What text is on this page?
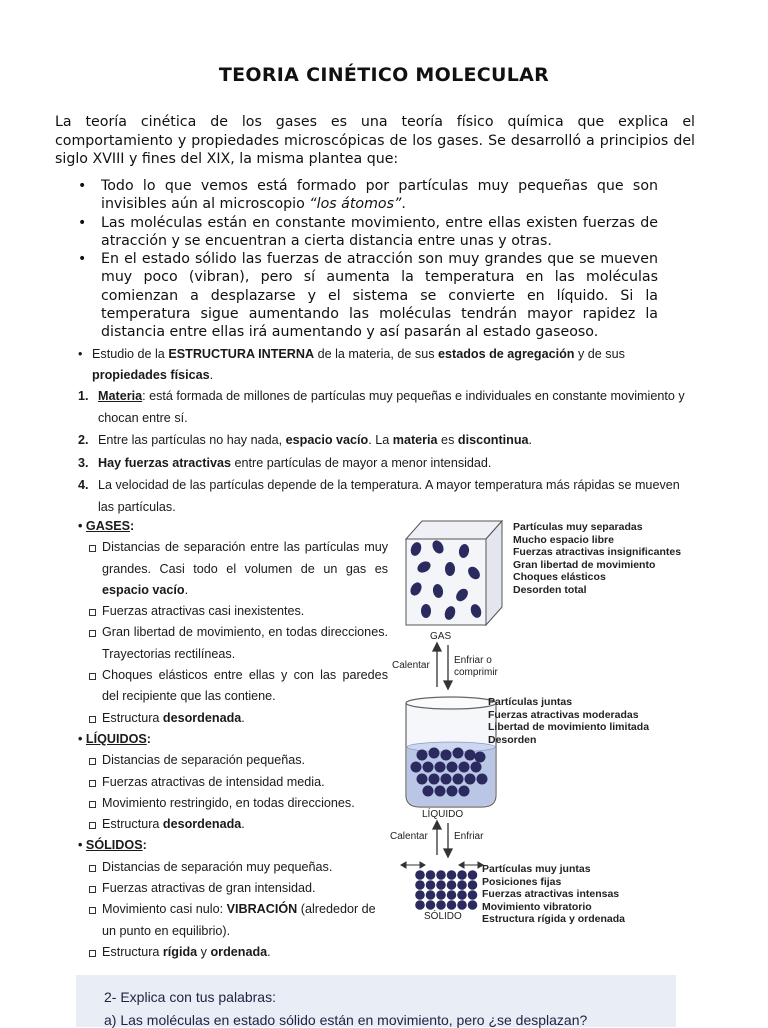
TEORIA CINÉTICO MOLECULAR
La teoría cinética de los gases es una teoría físico química que explica el comportamiento y propiedades microscópicas de los gases. Se desarrolló a principios del siglo XVIII y fines del XIX, la misma plantea que:
• Todo lo que vemos está formado por partículas muy pequeñas que son invisibles aún al microscopio “los átomos”.
• Las moléculas están en constante movimiento, entre ellas existen fuerzas de atracción y se encuentran a cierta distancia entre unas y otras.
• En el estado sólido las fuerzas de atracción son muy grandes que se mueven muy poco (vibran), pero sí aumenta la temperatura en las moléculas comienzan a desplazarse y el sistema se convierte en líquido. Si la temperatura sigue aumentando las moléculas tendrán mayor rapidez la distancia entre ellas irá aumentando y así pasarán al estado gaseoso.
• Estudio de la ESTRUCTURA INTERNA de la materia, de sus estados de agregación y de sus
propiedades físicas.
1. Materia: está formada de millones de partículas muy pequeñas e individuales en constante movimiento y chocan entre sí.
2. Entre las partículas no hay nada, espacio vacío. La materia es discontinua.
3. Hay fuerzas atractivas entre partículas de mayor a menor intensidad.
4. La velocidad de las partículas depende de la temperatura. A mayor temperatura más rápidas se mueven las partículas.
• GASES:
Distancias de separación entre las partículas muy grandes. Casi todo el volumen de un gas es espacio vacío.
Fuerzas atractivas casi inexistentes.
Gran libertad de movimiento, en todas direcciones. Trayectorias rectilíneas.
Choques elásticos entre ellas y con las paredes del recipiente que las contiene.
Estructura desordenada.
• LÍQUIDOS:
Distancias de separación pequeñas.
Fuerzas atractivas de intensidad media.
Movimiento restringido, en todas direcciones.
Estructura desordenada.
• SÓLIDOS:
Distancias de separación muy pequeñas.
Fuerzas atractivas de gran intensidad.
Movimiento casi nulo: VIBRACIÓN (alrededor de un punto en equilibrio).
Estructura rígida y ordenada.
Partículas muy separadas
Mucho espacio libre
Fuerzas atractivas insignificantes
Gran libertad de movimiento
Choques elásticos
Desorden total
GAS
Calentar Enfriar o
comprimir
Partículas juntas
Fuerzas atractivas moderadas
Libertad de movimiento limitada
Desorden
LÍQUIDO
Calentar	Enfriar
Partículas muy juntas
Posiciones fijas
Fuerzas atractivas intensas
Movimiento vibratorio
Estructura rígida y ordenada
SÓLIDO
2- Explica con tus palabras:
a) Las moléculas en estado sólido están en movimiento, pero ¿se desplazan?
